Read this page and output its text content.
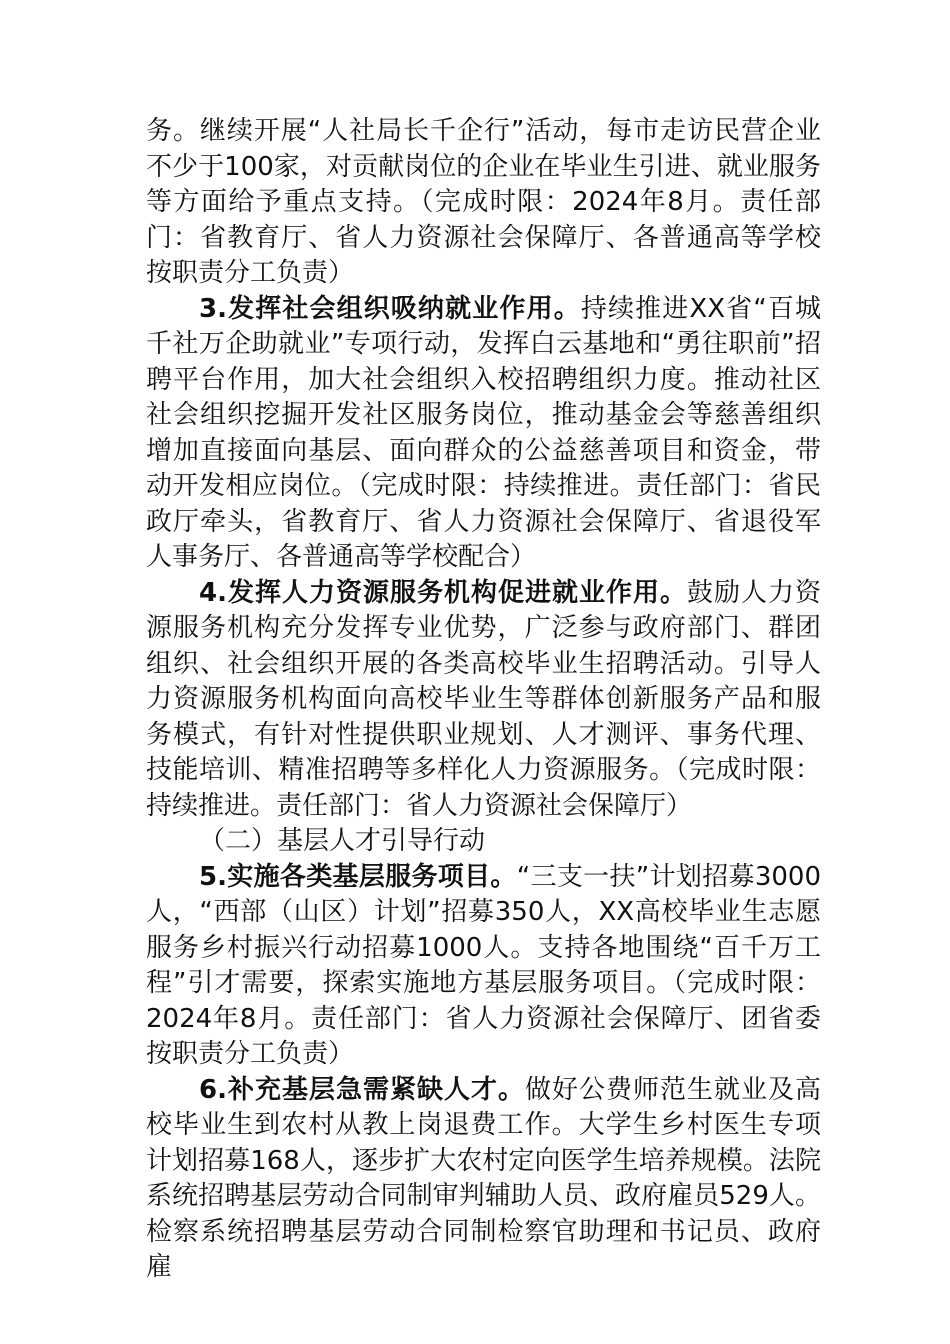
务。继续开展“人社局长千企行”活动，每市走访民营企业不少于100家，对贡献岗位的企业在毕业生引进、就业服务等方面给予重点支持。（完成时限：2024年8月。责任部门：省教育厅、省人力资源社会保障厅、各普通高等学校按职责分工负责）

3.发挥社会组织吸纳就业作用。持续推进XX省“百城千社万企助就业”专项行动，发挥白云基地和“勇往职前”招聘平台作用，加大社会组织入校招聘组织力度。推动社区社会组织挖掘开发社区服务岗位，推动基金会等慈善组织增加直接面向基层、面向群众的公益慈善项目和资金，带动开发相应岗位。（完成时限：持续推进。责任部门：省民政厅牵头，省教育厅、省人力资源社会保障厅、省退役军人事务厅、各普通高等学校配合）

4.发挥人力资源服务机构促进就业作用。鼓励人力资源服务机构充分发挥专业优势，广泛参与政府部门、群团组织、社会组织开展的各类高校毕业生招聘活动。引导人力资源服务机构面向高校毕业生等群体创新服务产品和服务模式，有针对性提供职业规划、人才测评、事务代理、技能培训、精准招聘等多样化人力资源服务。（完成时限：持续推进。责任部门：省人力资源社会保障厅）

（二）基层人才引导行动

5.实施各类基层服务项目。“三支一扶”计划招募3000人，“西部（山区）计划”招募350人，XX高校毕业生志愿服务乡村振兴行动招募1000人。支持各地围绕“百千万工程”引才需要，探索实施地方基层服务项目。（完成时限：2024年8月。责任部门：省人力资源社会保障厅、团省委按职责分工负责）

6.补充基层急需紧缺人才。做好公费师范生就业及高校毕业生到农村从教上岗退费工作。大学生乡村医生专项计划招募168人，逐步扩大农村定向医学生培养规模。法院系统招聘基层劳动合同制审判辅助人员、政府雇员529人。检察系统招聘基层劳动合同制检察官助理和书记员、政府雇
